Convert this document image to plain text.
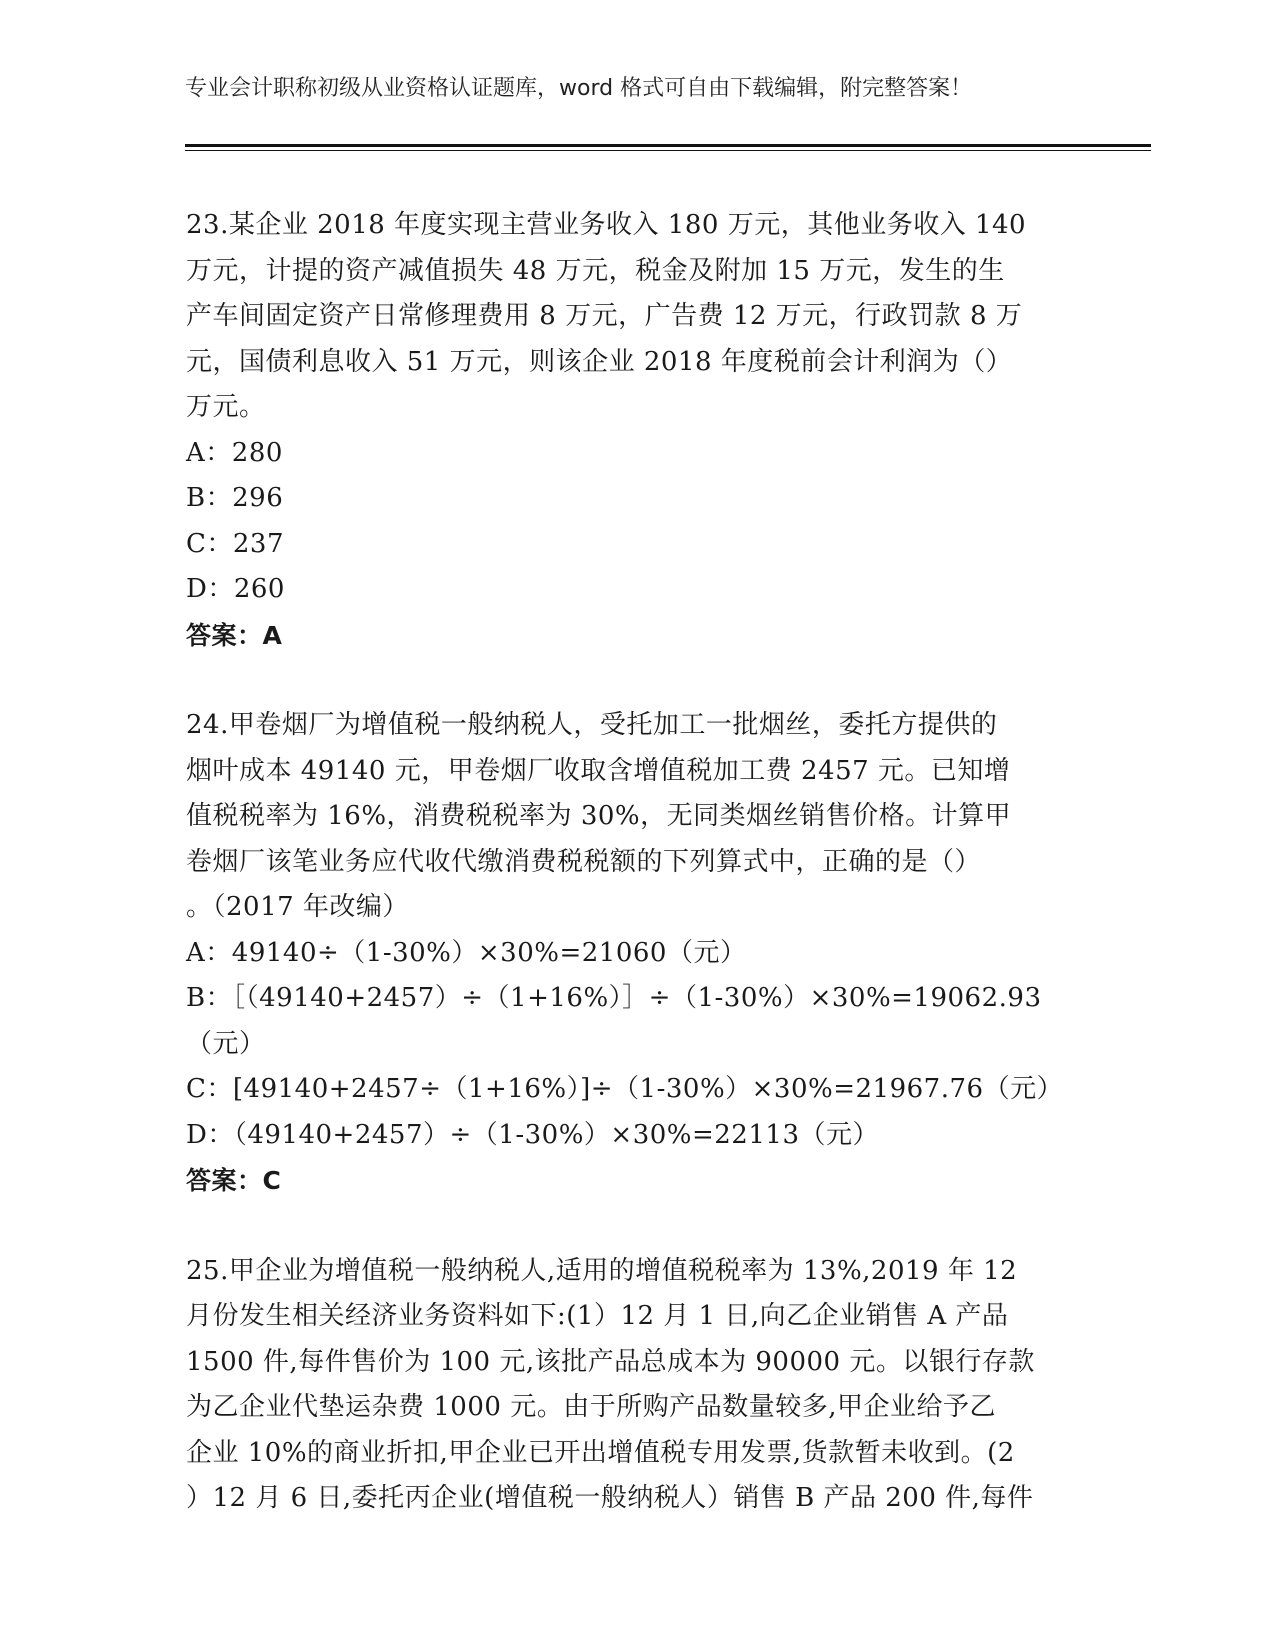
专业会计职称初级从业资格认证题库，word 格式可自由下载编辑，附完整答案！

23.某企业 2018 年度实现主营业务收入 180 万元，其他业务收入 140

万元，计提的资产减值损失 48 万元，税金及附加 15 万元，发生的生

产车间固定资产日常修理费用 8 万元，广告费 12 万元，行政罚款 8 万

元，国债利息收入 51 万元，则该企业 2018 年度税前会计利润为（）

万元。

A：280

B：296

C：237

D：260

答案：A

24.甲卷烟厂为增值税一般纳税人，受托加工一批烟丝，委托方提供的

烟叶成本 49140 元，甲卷烟厂收取含增值税加工费 2457 元。已知增

值税税率为 16%，消费税税率为 30%，无同类烟丝销售价格。计算甲

卷烟厂该笔业务应代收代缴消费税税额的下列算式中，正确的是（）

。（2017 年改编）

A：49140÷（1-30%）×30%=21060（元）

B：［（49140+2457）÷（1+16%）］÷（1-30%）×30%=19062.93（元）

C：[49140+2457÷（1+16%）]÷（1-30%）×30%=21967.76（元）

D：（49140+2457）÷（1-30%）×30%=22113（元）

答案：C

25.甲企业为增值税一般纳税人,适用的增值税税率为 13%,2019 年 12

月份发生相关经济业务资料如下:(1）12 月 1 日,向乙企业销售 A 产品

1500 件,每件售价为 100 元,该批产品总成本为 90000 元。以银行存款

为乙企业代垫运杂费 1000 元。由于所购产品数量较多,甲企业给予乙

企业 10%的商业折扣,甲企业已开出增值税专用发票,货款暂未收到。(2

）12 月 6 日,委托丙企业(增值税一般纳税人）销售 B 产品 200 件,每件
